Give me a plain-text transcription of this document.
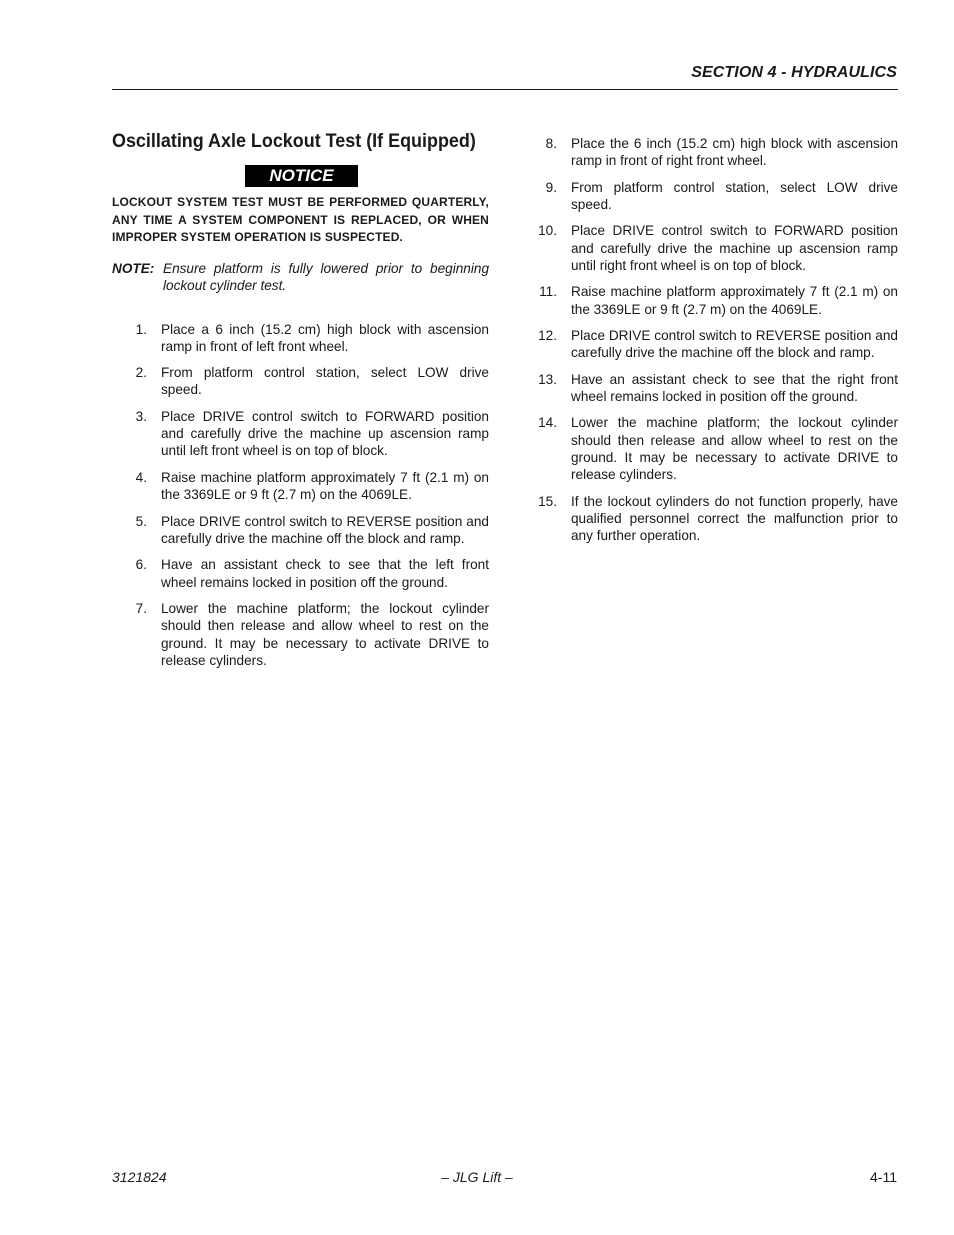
SECTION 4 - HYDRAULICS
Oscillating Axle Lockout Test (If Equipped)
NOTICE
LOCKOUT SYSTEM TEST MUST BE PERFORMED QUARTERLY, ANY TIME A SYSTEM COMPONENT IS REPLACED, OR WHEN IMPROPER SYSTEM OPERATION IS SUSPECTED.
NOTE: Ensure platform is fully lowered prior to beginning lockout cylinder test.
1.	Place a 6 inch (15.2 cm) high block with ascension ramp in front of left front wheel.
2.	From platform control station, select LOW drive speed.
3.	Place DRIVE control switch to FORWARD position and carefully drive the machine up ascension ramp until left front wheel is on top of block.
4.	Raise machine platform approximately 7 ft (2.1 m) on the 3369LE or 9 ft (2.7 m) on the 4069LE.
5.	Place DRIVE control switch to REVERSE position and carefully drive the machine off the block and ramp.
6.	Have an assistant check to see that the left front wheel remains locked in position off the ground.
7.	Lower the machine platform; the lockout cylinder should then release and allow wheel to rest on the ground. It may be necessary to activate DRIVE to release cylinders.
8.	Place the 6 inch (15.2 cm) high block with ascension ramp in front of right front wheel.
9.	From platform control station, select LOW drive speed.
10.	Place DRIVE control switch to FORWARD position and carefully drive the machine up ascension ramp until right front wheel is on top of block.
11.	Raise machine platform approximately 7 ft (2.1 m) on the 3369LE or 9 ft (2.7 m) on the 4069LE.
12.	Place DRIVE control switch to REVERSE position and carefully drive the machine off the block and ramp.
13.	Have an assistant check to see that the right front wheel remains locked in position off the ground.
14.	Lower the machine platform; the lockout cylinder should then release and allow wheel to rest on the ground. It may be necessary to activate DRIVE to release cylinders.
15.	If the lockout cylinders do not function properly, have qualified personnel correct the malfunction prior to any further operation.
– JLG Lift –
3121824	4-11
